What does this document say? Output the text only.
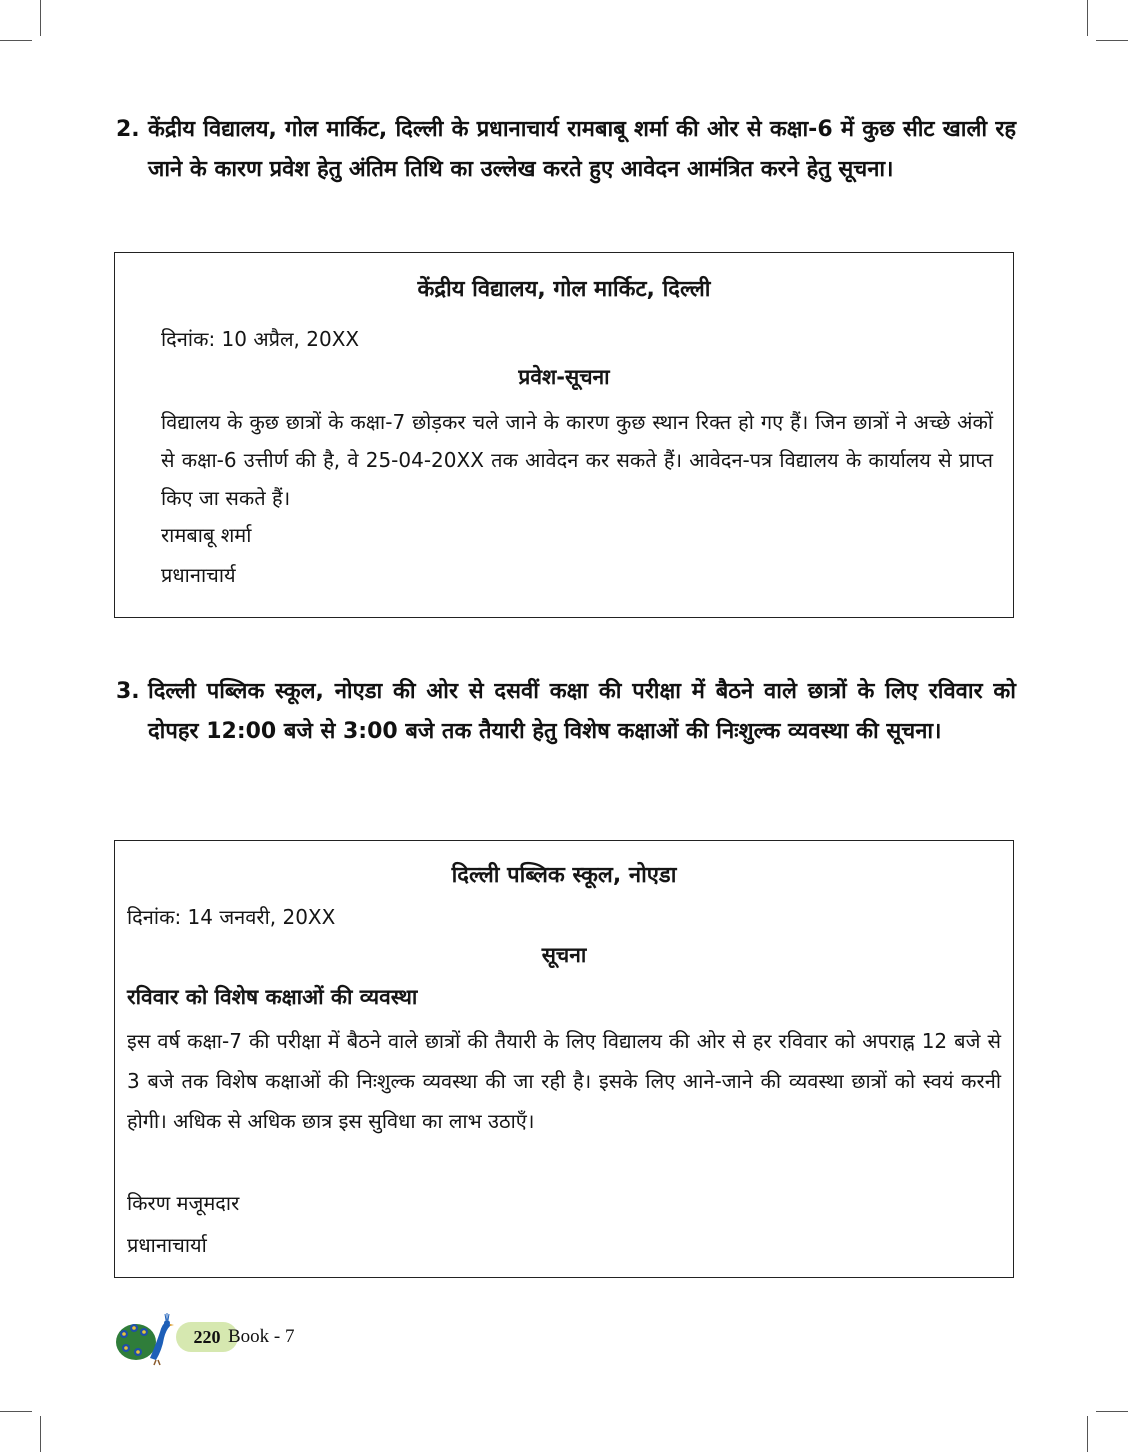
2. केंद्रीय विद्यालय, गोल मार्किट, दिल्ली के प्रधानाचार्य रामबाबू शर्मा की ओर से कक्षा-6 में कुछ सीट खाली रह जाने के कारण प्रवेश हेतु अंतिम तिथि का उल्लेख करते हुए आवेदन आमंत्रित करने हेतु सूचना।
केंद्रीय विद्यालय, गोल मार्किट, दिल्ली
दिनांक: 10 अप्रैल, 20XX
प्रवेश-सूचना
विद्यालय के कुछ छात्रों के कक्षा-7 छोड़कर चले जाने के कारण कुछ स्थान रिक्त हो गए हैं। जिन छात्रों ने अच्छे अंकों से कक्षा-6 उत्तीर्ण की है, वे 25-04-20XX तक आवेदन कर सकते हैं। आवेदन-पत्र विद्यालय के कार्यालय से प्राप्त किए जा सकते हैं।
रामबाबू शर्मा
प्रधानाचार्य
3. दिल्ली पब्लिक स्कूल, नोएडा की ओर से दसवीं कक्षा की परीक्षा में बैठने वाले छात्रों के लिए रविवार को दोपहर 12:00 बजे से 3:00 बजे तक तैयारी हेतु विशेष कक्षाओं की निःशुल्क व्यवस्था की सूचना।
दिल्ली पब्लिक स्कूल, नोएडा
दिनांक: 14 जनवरी, 20XX
सूचना
रविवार को विशेष कक्षाओं की व्यवस्था
इस वर्ष कक्षा-7 की परीक्षा में बैठने वाले छात्रों की तैयारी के लिए विद्यालय की ओर से हर रविवार को अपराह्न 12 बजे से 3 बजे तक विशेष कक्षाओं की निःशुल्क व्यवस्था की जा रही है। इसके लिए आने-जाने की व्यवस्था छात्रों को स्वयं करनी होगी। अधिक से अधिक छात्र इस सुविधा का लाभ उठाएँ।
किरण मजूमदार
प्रधानाचार्या
220 Book - 7
